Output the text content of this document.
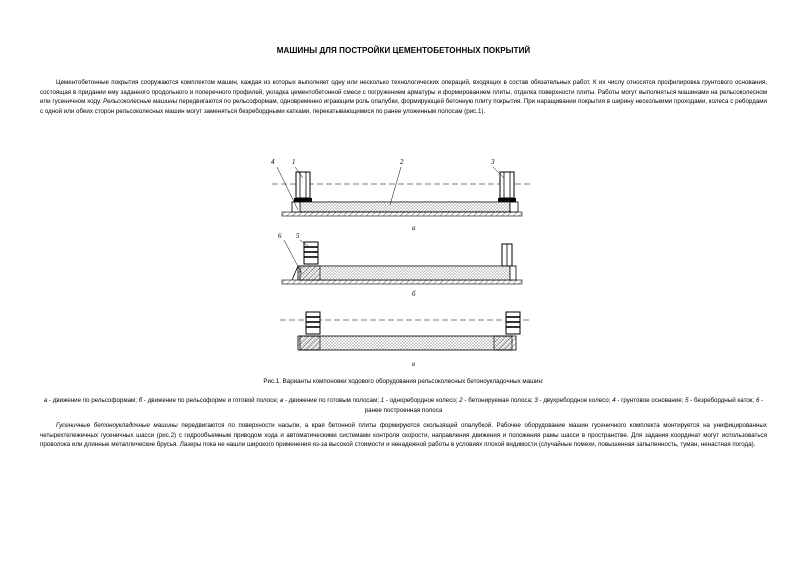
МАШИНЫ ДЛЯ ПОСТРОЙКИ ЦЕМЕНТОБЕТОННЫХ ПОКРЫТИЙ

Цементобетонные покрытия сооружаются комплектом машин, каждая из которых выполняет одну или несколько технологических операций, входящих в состав обязательных работ. К их числу относятся профилировка грунтового основания, состоящая в придании ему заданного продольного и поперечного профилей, укладка цементобетонной смеси с погружением арматуры и формированием плиты, отделка поверхности плиты. Работы могут выполняться машинами на рельсоколесном или гусеничном ходу. Рельсоколесные машины передвигаются по рельсоформам, одновременно играющим роль опалубки, формирующей бетонную плиту покрытия. При наращивании покрытия в ширину несколькими проходами, колеса с ребордами с одной или обеих сторон рельсоколесных машин могут заменяться безребордными катками, перекатывающимися по ранее уложенным полосам (рис.1).

4	1	2	3
а
6 5
б
в
Рис.1. Варианты компоновки ходового оборудования рельсоколесных бетоноукладочных машин:
а - движение по рельсоформам; б - движение по рельсоформе и готовой полосе; в - движение по готовым полосам; 1 - одноребордное колесо; 2 - бетонируемая полоса; 3 - двухребордное колесо; 4 - грунтовое основание; 5 - безребордный каток; 6 - ранее построенная полоса

Гусеничные бетоноукладочные машины передвигаются по поверхности насыпи, а края бетонной плиты формируются скользящей опалубкой. Рабочее оборудование машин гусеничного комплекта монтируется на унифицированных четырехтележечных гусеничных шасси (рис.2) с гидрообъемным приводом хода и автоматическими системами контроля скорости, направления движения и положения рамы шасси в пространстве. Для задания координат могут использоваться проволока или длинные металлические брусья. Лазеры пока не нашли широкого применения из-за высокой стоимости и ненадежной работы в условиях плохой видимости (случайные помехи, повышенная запыленность, туман, ненастная погода).
